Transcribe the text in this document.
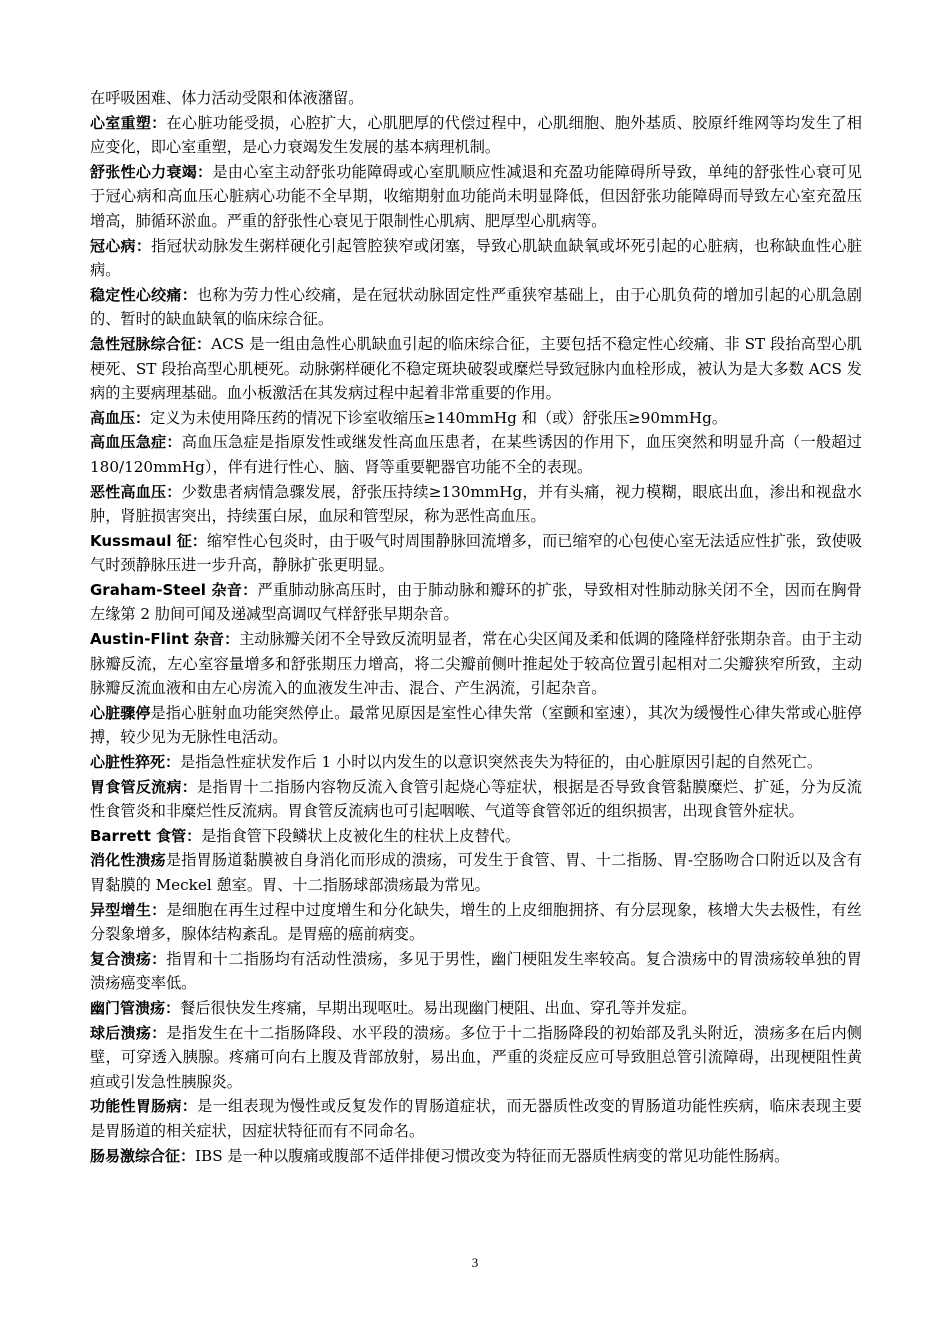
在呼吸困难、体力活动受限和体液潴留。

心室重塑：在心脏功能受损，心腔扩大，心肌肥厚的代偿过程中，心肌细胞、胞外基质、胶原纤维网等均发生了相应变化，即心室重塑，是心力衰竭发生发展的基本病理机制。

舒张性心力衰竭：是由心室主动舒张功能障碍或心室肌顺应性减退和充盈功能障碍所导致，单纯的舒张性心衰可见于冠心病和高血压心脏病心功能不全早期，收缩期射血功能尚未明显降低，但因舒张功能障碍而导致左心室充盈压增高，肺循环淤血。严重的舒张性心衰见于限制性心肌病、肥厚型心肌病等。

冠心病：指冠状动脉发生粥样硬化引起管腔狭窄或闭塞，导致心肌缺血缺氧或坏死引起的心脏病，也称缺血性心脏病。

稳定性心绞痛：也称为劳力性心绞痛，是在冠状动脉固定性严重狭窄基础上，由于心肌负荷的增加引起的心肌急剧的、暂时的缺血缺氧的临床综合征。

急性冠脉综合征：ACS 是一组由急性心肌缺血引起的临床综合征，主要包括不稳定性心绞痛、非 ST 段抬高型心肌梗死、ST 段抬高型心肌梗死。动脉粥样硬化不稳定斑块破裂或糜烂导致冠脉内血栓形成，被认为是大多数 ACS 发病的主要病理基础。血小板激活在其发病过程中起着非常重要的作用。

高血压：定义为未使用降压药的情况下诊室收缩压≥140mmHg 和（或）舒张压≥90mmHg。

高血压急症：高血压急症是指原发性或继发性高血压患者，在某些诱因的作用下，血压突然和明显升高（一般超过 180/120mmHg），伴有进行性心、脑、肾等重要靶器官功能不全的表现。

恶性高血压：少数患者病情急骤发展，舒张压持续≥130mmHg，并有头痛，视力模糊，眼底出血，渗出和视盘水肿，肾脏损害突出，持续蛋白尿，血尿和管型尿，称为恶性高血压。

Kussmaul 征：缩窄性心包炎时，由于吸气时周围静脉回流增多，而已缩窄的心包使心室无法适应性扩张，致使吸气时颈静脉压进一步升高，静脉扩张更明显。

Graham-Steel 杂音：严重肺动脉高压时，由于肺动脉和瓣环的扩张，导致相对性肺动脉关闭不全，因而在胸骨左缘第 2 肋间可闻及递减型高调叹气样舒张早期杂音。

Austin-Flint 杂音：主动脉瓣关闭不全导致反流明显者，常在心尖区闻及柔和低调的隆隆样舒张期杂音。由于主动脉瓣反流，左心室容量增多和舒张期压力增高，将二尖瓣前侧叶推起处于较高位置引起相对二尖瓣狭窄所致，主动脉瓣反流血液和由左心房流入的血液发生冲击、混合、产生涡流，引起杂音。

心脏骤停是指心脏射血功能突然停止。最常见原因是室性心律失常（室颤和室速），其次为缓慢性心律失常或心脏停搏，较少见为无脉性电活动。

心脏性猝死：是指急性症状发作后 1 小时以内发生的以意识突然丧失为特征的，由心脏原因引起的自然死亡。

胃食管反流病：是指胃十二指肠内容物反流入食管引起烧心等症状，根据是否导致食管黏膜糜烂、扩延，分为反流性食管炎和非糜烂性反流病。胃食管反流病也可引起咽喉、气道等食管邻近的组织损害，出现食管外症状。

Barrett 食管：是指食管下段鳞状上皮被化生的柱状上皮替代。

消化性溃疡是指胃肠道黏膜被自身消化而形成的溃疡，可发生于食管、胃、十二指肠、胃-空肠吻合口附近以及含有胃黏膜的 Meckel 憩室。胃、十二指肠球部溃疡最为常见。

异型增生：是细胞在再生过程中过度增生和分化缺失，增生的上皮细胞拥挤、有分层现象，核增大失去极性，有丝分裂象增多，腺体结构紊乱。是胃癌的癌前病变。

复合溃疡：指胃和十二指肠均有活动性溃疡，多见于男性，幽门梗阻发生率较高。复合溃疡中的胃溃疡较单独的胃溃疡癌变率低。

幽门管溃疡：餐后很快发生疼痛，早期出现呕吐。易出现幽门梗阻、出血、穿孔等并发症。

球后溃疡：是指发生在十二指肠降段、水平段的溃疡。多位于十二指肠降段的初始部及乳头附近，溃疡多在后内侧壁，可穿透入胰腺。疼痛可向右上腹及背部放射，易出血，严重的炎症反应可导致胆总管引流障碍，出现梗阻性黄疸或引发急性胰腺炎。

功能性胃肠病：是一组表现为慢性或反复发作的胃肠道症状，而无器质性改变的胃肠道功能性疾病，临床表现主要是胃肠道的相关症状，因症状特征而有不同命名。

肠易激综合征：IBS 是一种以腹痛或腹部不适伴排便习惯改变为特征而无器质性病变的常见功能性肠病。

3
